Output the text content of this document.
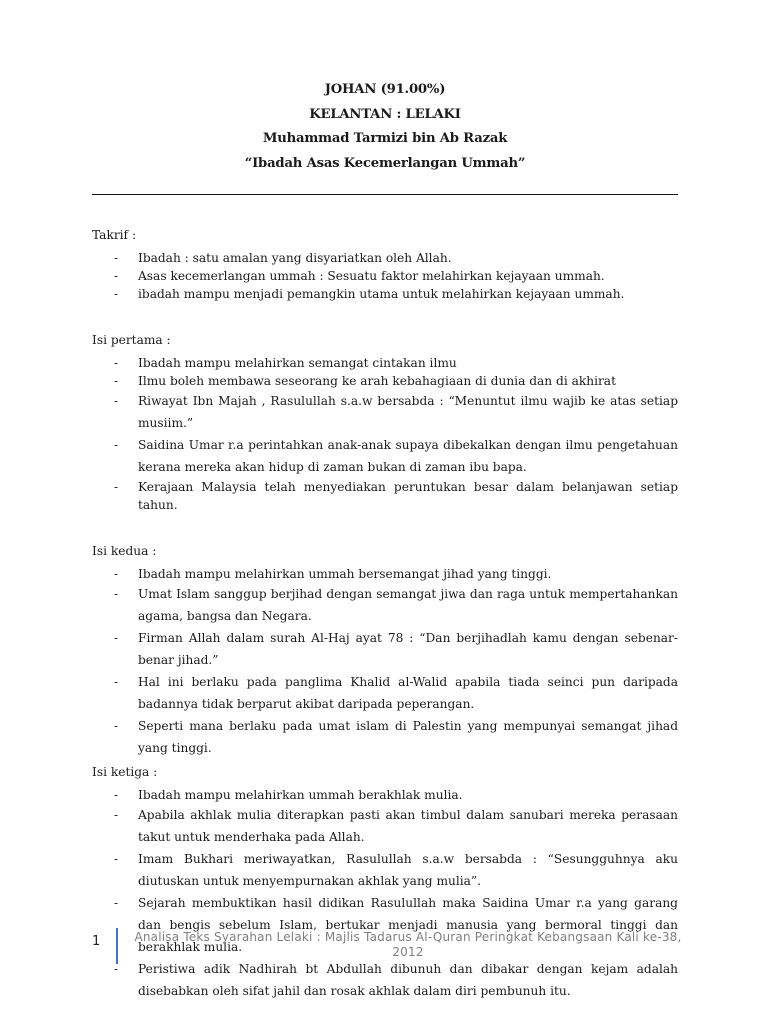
JOHAN (91.00%)
KELANTAN : LELAKI
Muhammad Tarmizi bin Ab Razak
“Ibadah Asas Kecemerlangan Ummah”
Takrif :
- Ibadah : satu amalan yang disyariatkan oleh Allah.
- Asas kecemerlangan ummah : Sesuatu faktor melahirkan kejayaan ummah.
- ibadah mampu menjadi pemangkin utama untuk melahirkan kejayaan ummah.
Isi pertama :
- Ibadah mampu melahirkan semangat cintakan ilmu
- Ilmu boleh membawa seseorang ke arah kebahagiaan di dunia dan di akhirat
- Riwayat Ibn Majah , Rasulullah s.a.w bersabda : “Menuntut ilmu wajib ke atas setiap musiim.”
- Saidina Umar r.a perintahkan anak-anak supaya dibekalkan dengan ilmu pengetahuan kerana mereka akan hidup di zaman bukan di zaman ibu bapa.
- Kerajaan Malaysia telah menyediakan peruntukan besar dalam belanjawan setiap tahun.
Isi kedua :
- Ibadah mampu melahirkan ummah bersemangat jihad yang tinggi.
- Umat Islam sanggup berjihad dengan semangat jiwa dan raga untuk mempertahankan agama, bangsa dan Negara.
- Firman Allah dalam surah Al-Haj ayat 78 : “Dan berjihadlah kamu dengan sebenar-benar jihad.”
- Hal ini berlaku pada panglima Khalid al-Walid apabila tiada seinci pun daripada badannya tidak berparut akibat daripada peperangan.
- Seperti mana berlaku pada umat islam di Palestin yang mempunyai semangat jihad yang tinggi.
Isi ketiga :
- Ibadah mampu melahirkan ummah berakhlak mulia.
- Apabila akhlak mulia diterapkan pasti akan timbul dalam sanubari mereka perasaan takut untuk menderhaka pada Allah.
- Imam Bukhari meriwayatkan, Rasulullah s.a.w bersabda : “Sesungguhnya aku diutuskan untuk menyempurnakan akhlak yang mulia”.
- Sejarah membuktikan hasil didikan Rasulullah maka Saidina Umar r.a yang garang dan bengis sebelum Islam, bertukar menjadi manusia yang bermoral tinggi dan berakhlak mulia.
- Peristiwa adik Nadhirah bt Abdullah dibunuh dan dibakar dengan kejam adalah disebabkan oleh sifat jahil dan rosak akhlak dalam diri pembunuh itu.
1	Analisa Teks Syarahan Lelaki : Majlis Tadarus Al-Quran Peringkat Kebangsaan Kali ke-38, 2012
